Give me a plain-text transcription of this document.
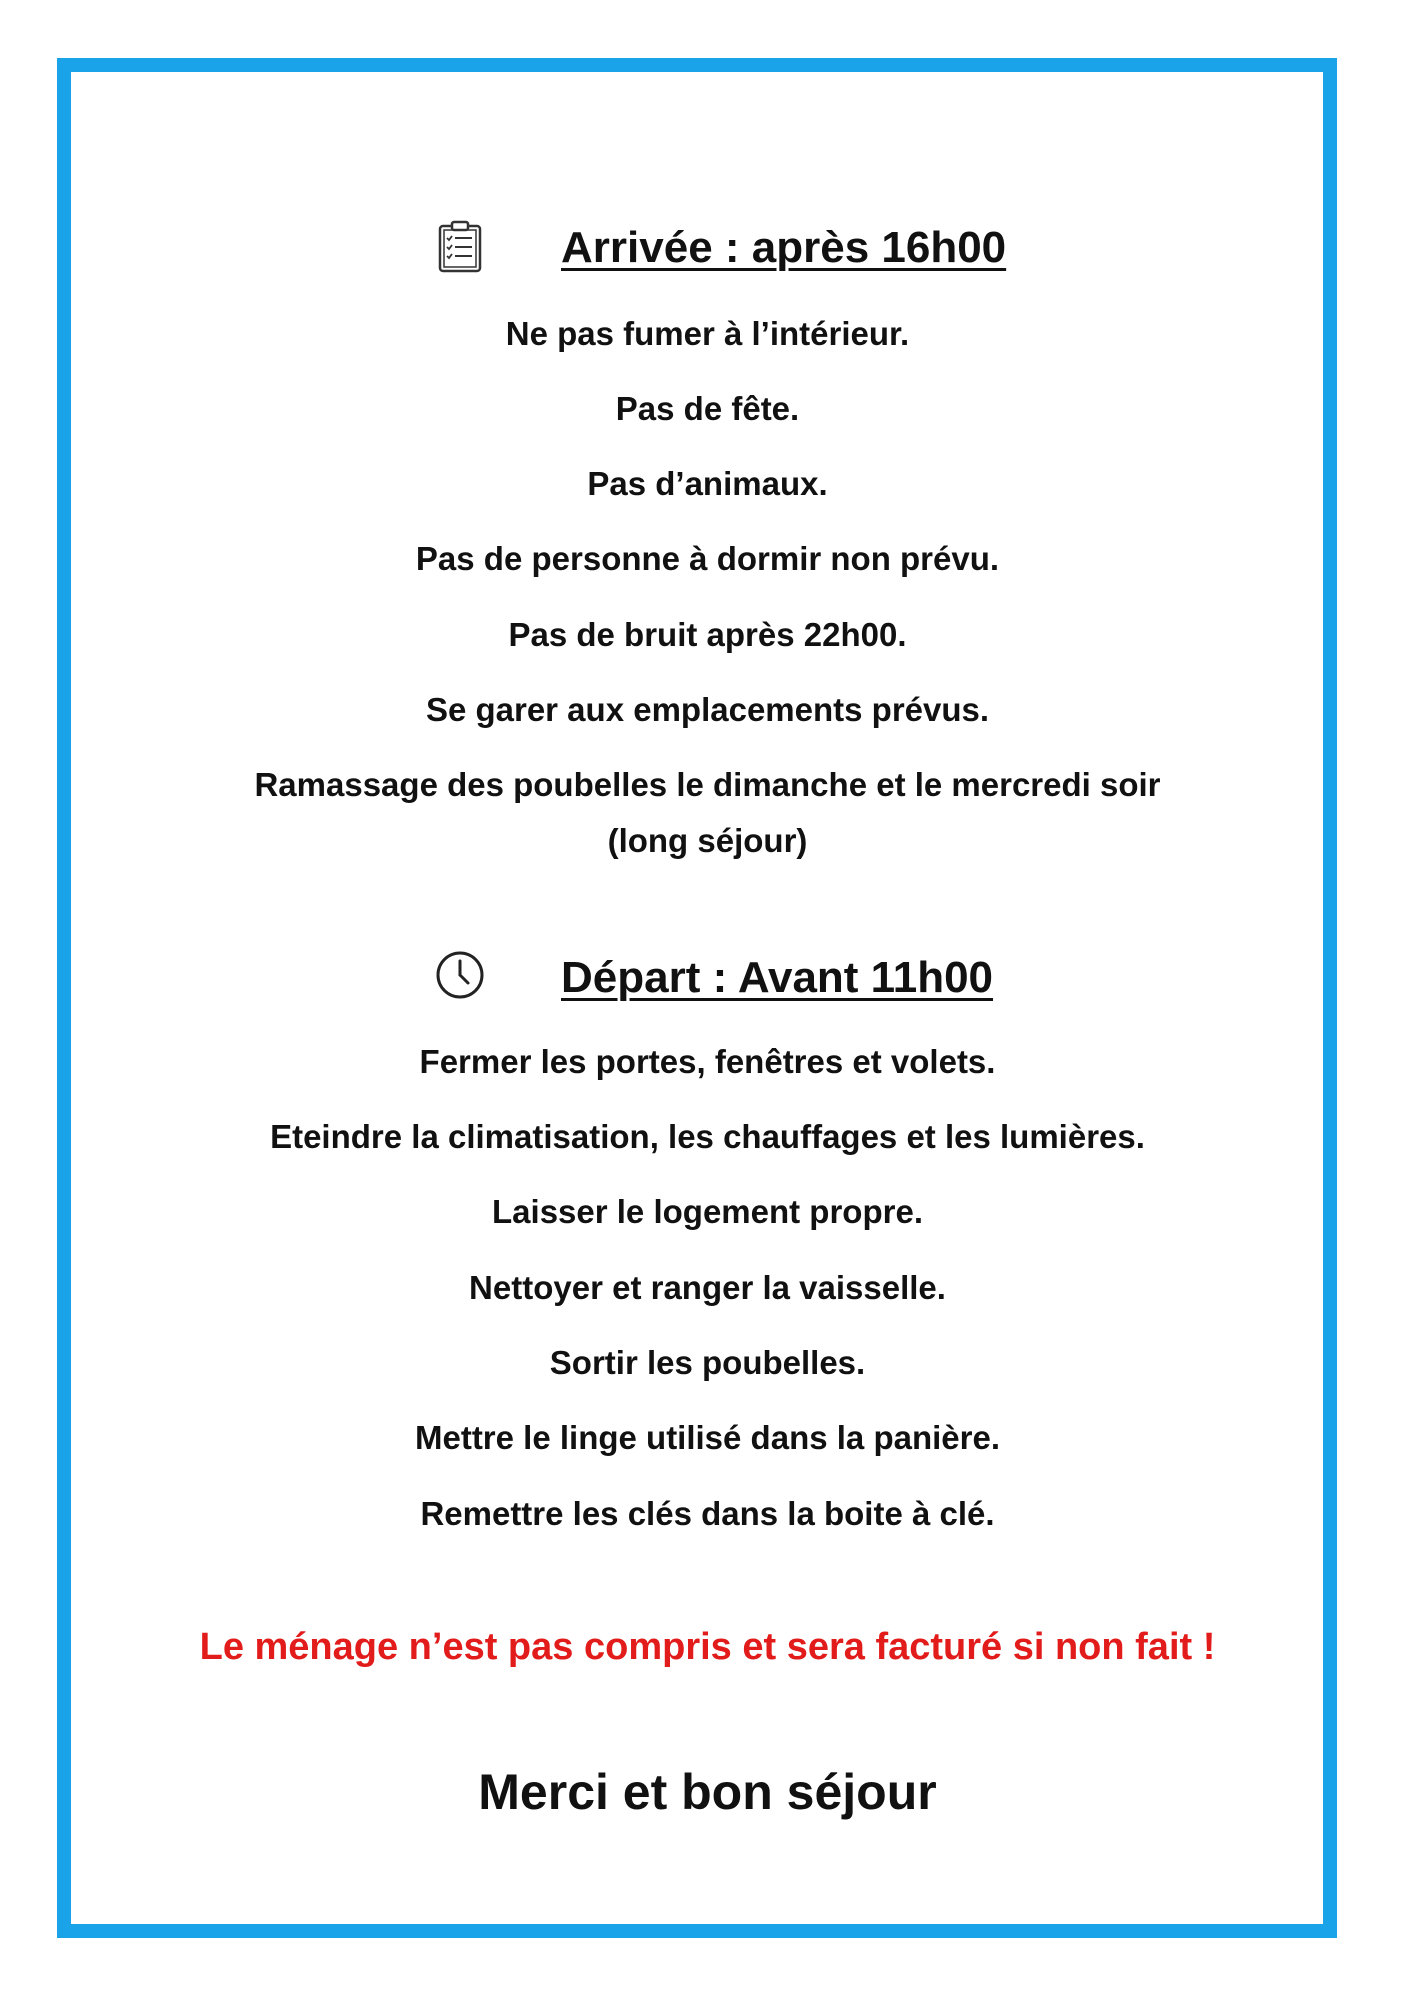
Arrivée : après 16h00
Ne pas fumer à l’intérieur.
Pas de fête.
Pas d’animaux.
Pas de personne à dormir non prévu.
Pas de bruit après 22h00.
Se garer aux emplacements prévus.
Ramassage des poubelles le dimanche et le mercredi soir
(long séjour)
Départ : Avant 11h00
Fermer les portes, fenêtres et volets.
Eteindre la climatisation, les chauffages et les lumières.
Laisser le logement propre.
Nettoyer et ranger la vaisselle.
Sortir les poubelles.
Mettre le linge utilisé dans la panière.
Remettre les clés dans la boite à clé.
Le ménage n’est pas compris et sera facturé si non fait !
Merci et bon séjour
